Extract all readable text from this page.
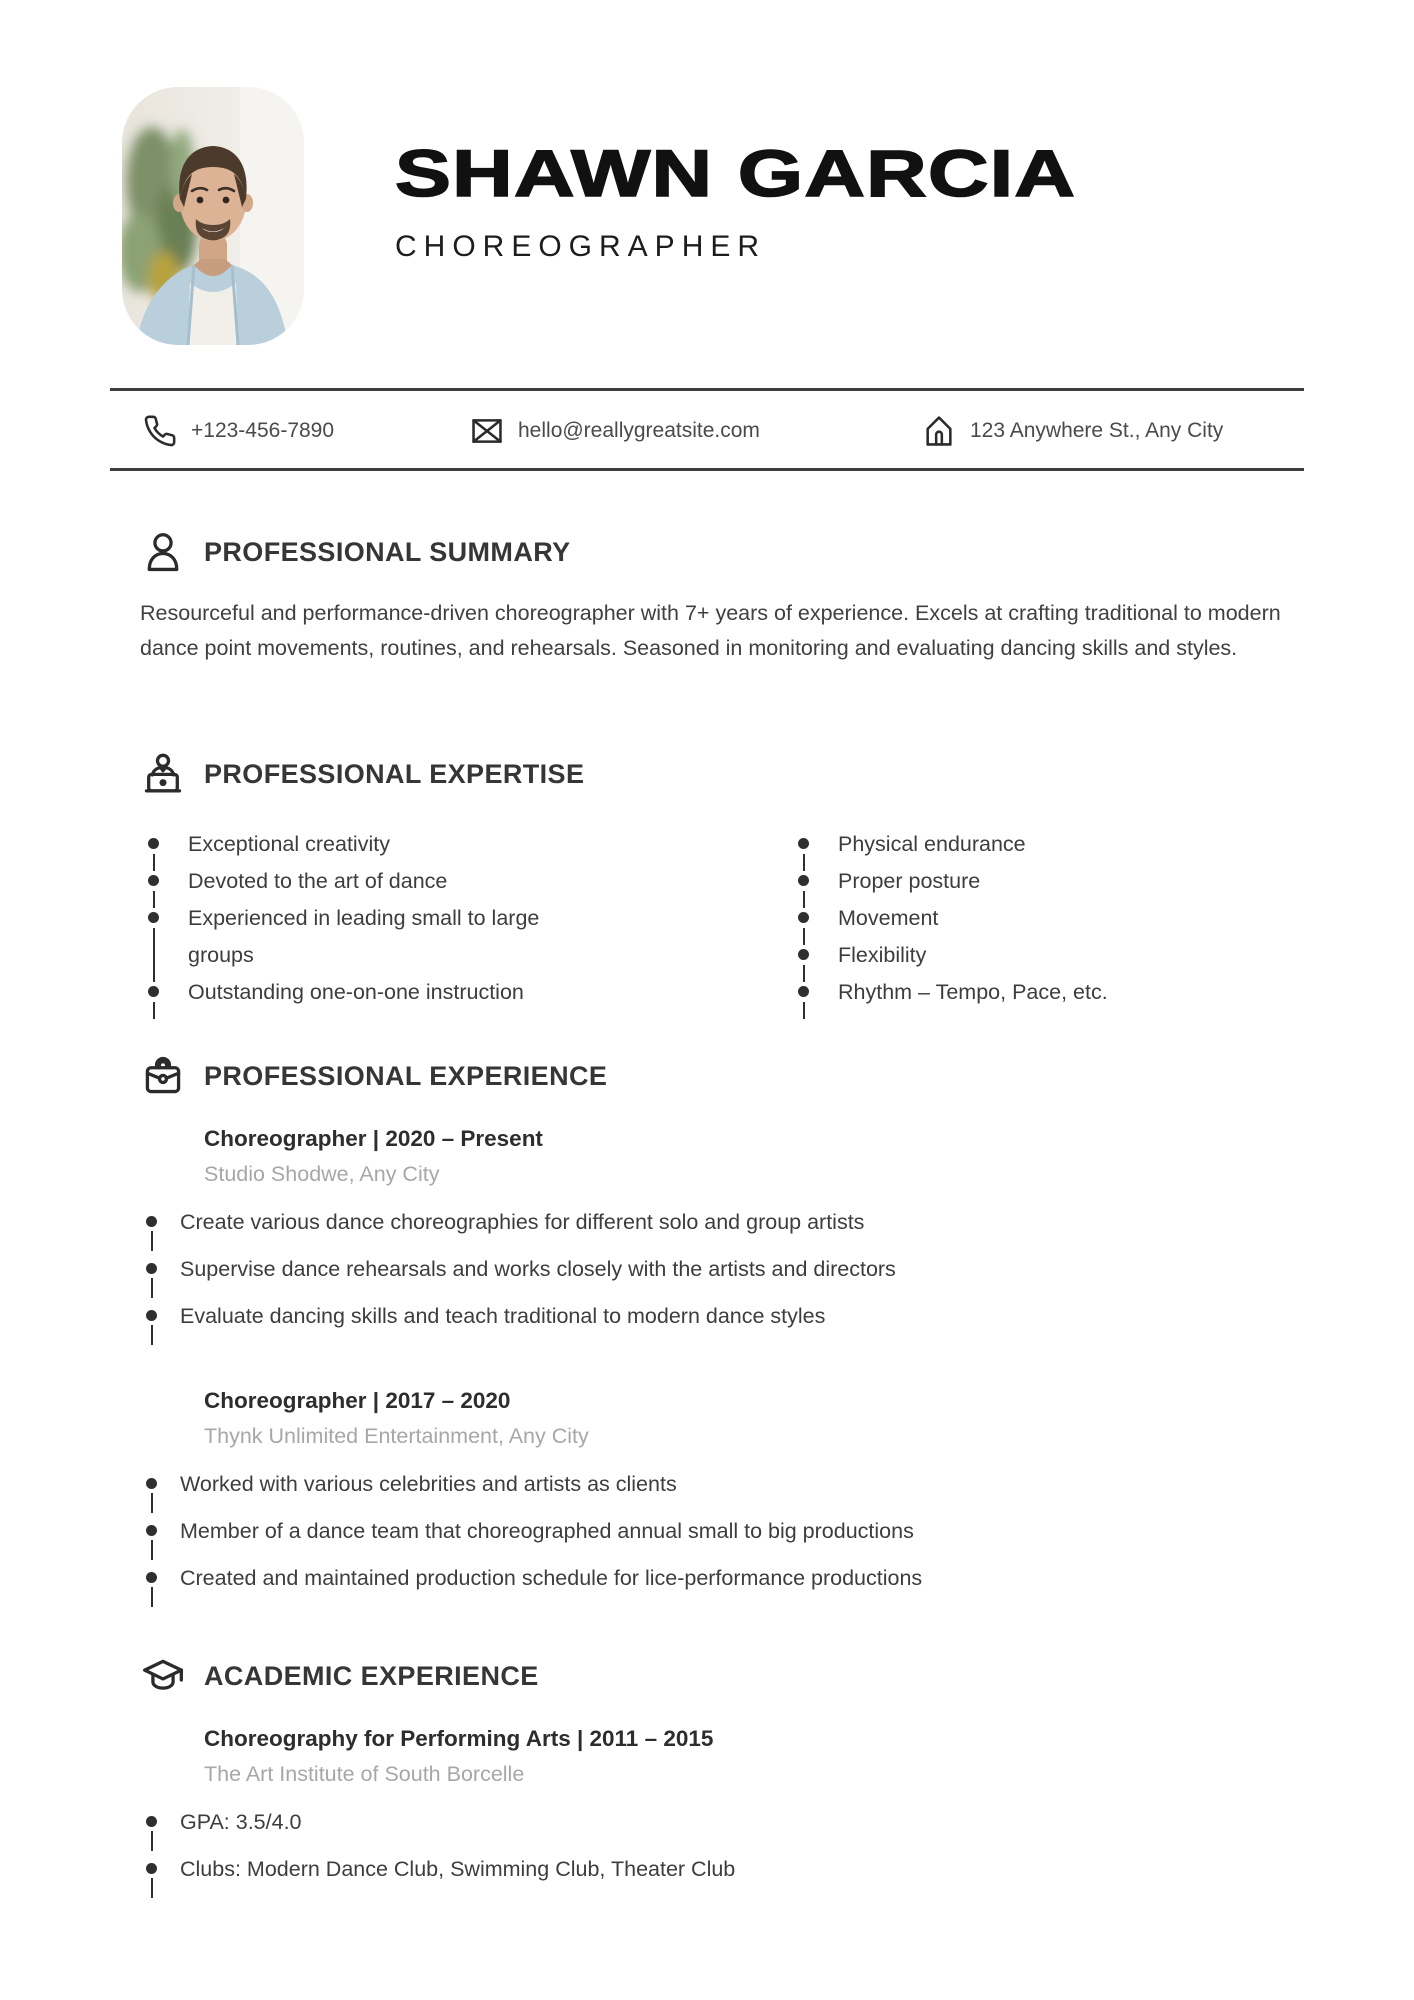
SHAWN GARCIA
CHOREOGRAPHER
+123-456-7890	hello@reallygreatsite.com	123 Anywhere St., Any City
PROFESSIONAL SUMMARY

Resourceful and performance-driven choreographer with 7+ years of experience. Excels at crafting traditional to modern dance point movements, routines, and rehearsals. Seasoned in monitoring and evaluating dancing skills and styles.

PROFESSIONAL EXPERTISE
Exceptional creativity
Devoted to the art of dance
Experienced in leading small to large groups
Outstanding one-on-one instruction
Physical endurance
Proper posture
Movement
Flexibility
Rhythm – Tempo, Pace, etc.
PROFESSIONAL EXPERIENCE

Choreographer | 2020 – Present

Studio Shodwe, Any City

Create various dance choreographies for different solo and group artists
Supervise dance rehearsals and works closely with the artists and directors
Evaluate dancing skills and teach traditional to modern dance styles

Choreographer | 2017 – 2020

Thynk Unlimited Entertainment, Any City

Worked with various celebrities and artists as clients
Member of a dance team that choreographed annual small to big productions
Created and maintained production schedule for lice-performance productions
ACADEMIC EXPERIENCE

Choreography for Performing Arts | 2011 – 2015

The Art Institute of South Borcelle

GPA: 3.5/4.0
Clubs: Modern Dance Club, Swimming Club, Theater Club
